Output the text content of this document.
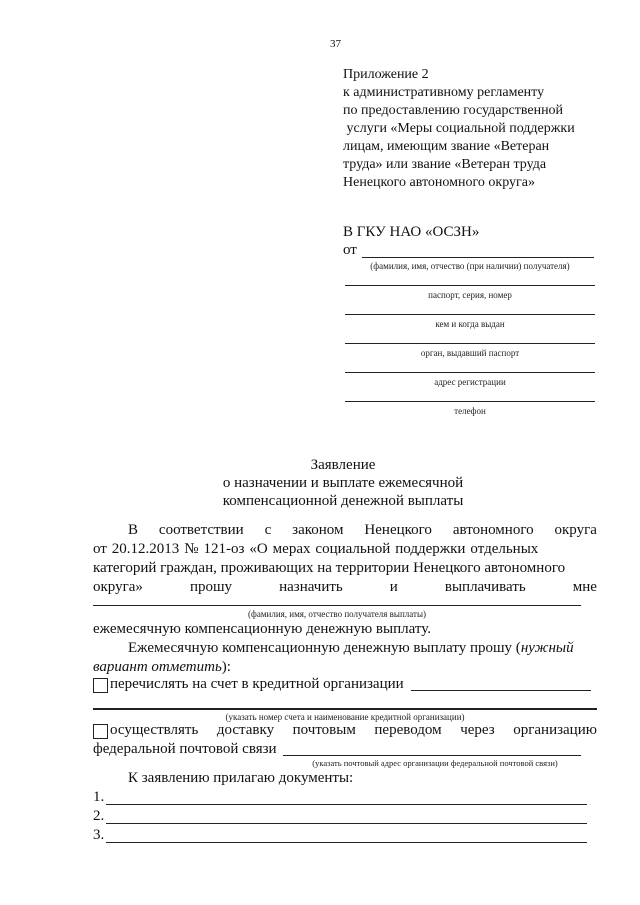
37
Приложение 2
к административному регламенту
по предоставлению государственной
услуги «Меры социальной поддержки
лицам, имеющим звание «Ветеран
труда» или звание «Ветеран труда
Ненецкого автономного округа»
В ГКУ НАО «ОСЗН»
от
(фамилия, имя, отчество (при наличии) получателя)
паспорт, серия, номер
кем и когда выдан
орган, выдавший паспорт
адрес регистрации
телефон
Заявление
о назначении и выплате ежемесячной
компенсационной денежной выплаты
В соответствии с законом Ненецкого автономного округа
от 20.12.2013 № 121-оз «О мерах социальной поддержки отдельных
категорий граждан, проживающих на территории Ненецкого автономного
округа»	прошу	назначить	и	выплачивать	мне
(фамилия, имя, отчество получателя выплаты)
ежемесячную компенсационную денежную выплату.
Ежемесячную компенсационную денежную выплату прошу (нужный
вариант отметить):
перечислять на счет в кредитной организации
(указать номер счета и наименование кредитной организации)
осуществлять доставку почтовым переводом через организацию
федеральной почтовой связи
(указать почтовый адрес организации федеральной почтовой связи)
К заявлению прилагаю документы:
1.
2.
3.
